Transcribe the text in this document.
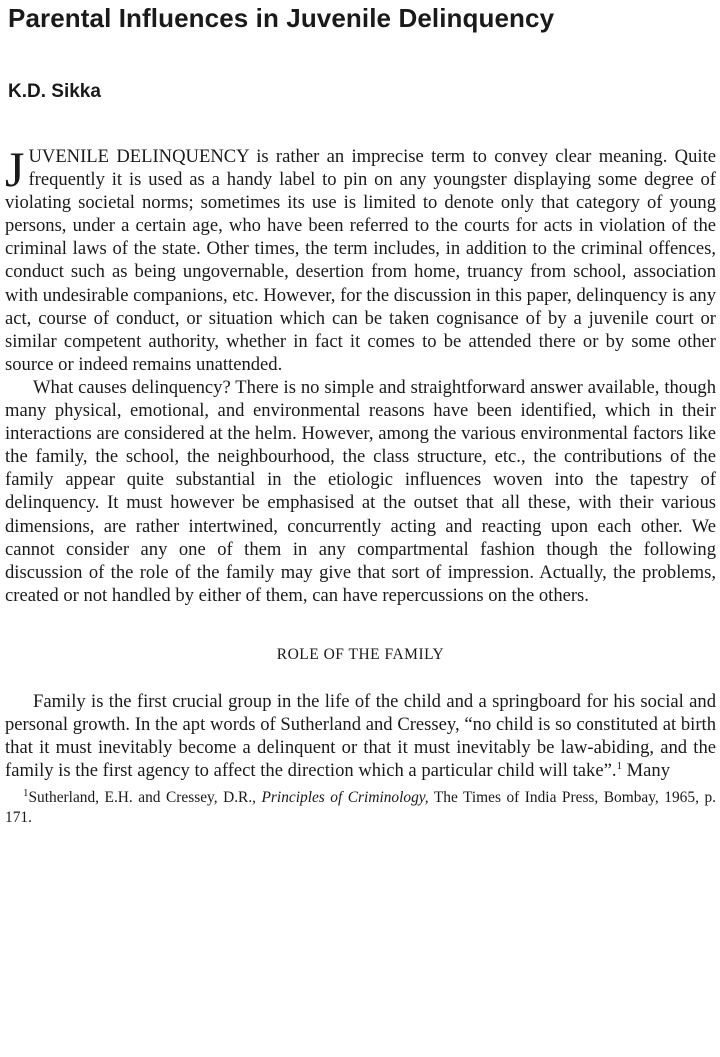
Parental Influences in Juvenile Delinquency
K.D. Sikka

JUVENILE DELINQUENCY is rather an imprecise term to convey clear meaning. Quite frequently it is used as a handy label to pin on any youngster displaying some degree of violating societal norms; sometimes its use is limited to denote only that category of young persons, under a certain age, who have been referred to the courts for acts in violation of the criminal laws of the state. Other times, the term includes, in addition to the criminal offences, conduct such as being ungovernable, desertion from home, truancy from school, association with undesirable companions, etc. However, for the discussion in this paper, delinquency is any act, course of conduct, or situation which can be taken cognisance of by a juvenile court or similar competent authority, whether in fact it comes to be attended there or by some other source or indeed remains unattended.

What causes delinquency? There is no simple and straightforward answer available, though many physical, emotional, and environmental reasons have been identified, which in their interactions are considered at the helm. However, among the various environmental factors like the family, the school, the neighbourhood, the class structure, etc., the contributions of the family appear quite substantial in the etiologic influences woven into the tapestry of delinquency. It must however be emphasised at the outset that all these, with their various dimensions, are rather intertwined, concurrently acting and reacting upon each other. We cannot consider any one of them in any compartmental fashion though the following discussion of the role of the family may give that sort of impression. Actually, the problems, created or not handled by either of them, can have repercussions on the others.

ROLE OF THE FAMILY

Family is the first crucial group in the life of the child and a springboard for his social and personal growth. In the apt words of Sutherland and Cressey, “no child is so constituted at birth that it must inevitably become a delinquent or that it must inevitably be law-abiding, and the family is the first agency to affect the direction which a particular child will take”.$^1$ Many

$^1$Sutherland, E.H. and Cressey, D.R., Principles of Criminology, The Times of India Press, Bombay, 1965, p. 171.
